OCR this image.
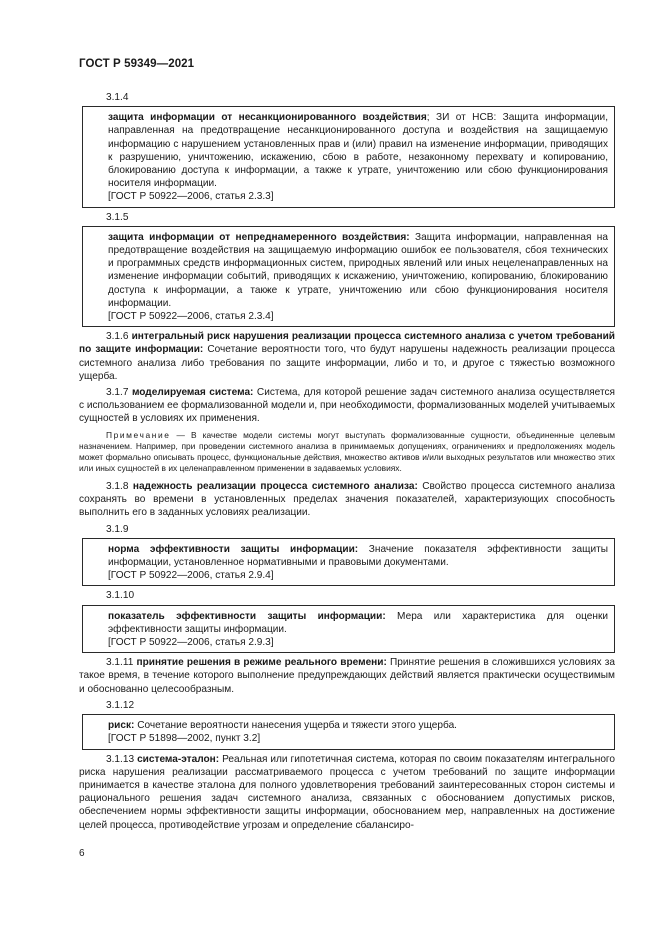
ГОСТ Р 59349—2021

3.1.4

защита информации от несанкционированного воздействия; ЗИ от НСВ: Защита информации, направленная на предотвращение несанкционированного доступа и воздействия на защищаемую информацию с нарушением установленных прав и (или) правил на изменение информации, приводящих к разрушению, уничтожению, искажению, сбою в работе, незаконному перехвату и копированию, блокированию доступа к информации, а также к утрате, уничтожению или сбою функционирования носителя информации.

[ГОСТ Р 50922—2006, статья 2.3.3]

3.1.5

защита информации от непреднамеренного воздействия: Защита информации, направленная на предотвращение воздействия на защищаемую информацию ошибок ее пользователя, сбоя технических и программных средств информационных систем, природных явлений или иных нецеленаправленных на изменение информации событий, приводящих к искажению, уничтожению, копированию, блокированию доступа к информации, а также к утрате, уничтожению или сбою функционирования носителя информации.

[ГОСТ Р 50922—2006, статья 2.3.4]

3.1.6 интегральный риск нарушения реализации процесса системного анализа с учетом требований по защите информации: Сочетание вероятности того, что будут нарушены надежность реализации процесса системного анализа либо требования по защите информации, либо и то, и другое с тяжестью возможного ущерба.

3.1.7 моделируемая система: Система, для которой решение задач системного анализа осуществляется с использованием ее формализованной модели и, при необходимости, формализованных моделей учитываемых сущностей в условиях их применения.

Примечание — В качестве модели системы могут выступать формализованные сущности, объединенные целевым назначением. Например, при проведении системного анализа в принимаемых допущениях, ограничениях и предположениях модель может формально описывать процесс, функциональные действия, множество активов и/или выходных результатов или множество этих или иных сущностей в их целенаправленном применении в задаваемых условиях.

3.1.8 надежность реализации процесса системного анализа: Свойство процесса системного анализа сохранять во времени в установленных пределах значения показателей, характеризующих способность выполнить его в заданных условиях реализации.

3.1.9

норма эффективности защиты информации: Значение показателя эффективности защиты информации, установленное нормативными и правовыми документами.

[ГОСТ Р 50922—2006, статья 2.9.4]

3.1.10

показатель эффективности защиты информации: Мера или характеристика для оценки эффективности защиты информации.

[ГОСТ Р 50922—2006, статья 2.9.3]

3.1.11 принятие решения в режиме реального времени: Принятие решения в сложившихся условиях за такое время, в течение которого выполнение предупреждающих действий является практически осуществимым и обоснованно целесообразным.

3.1.12

риск: Сочетание вероятности нанесения ущерба и тяжести этого ущерба.

[ГОСТ Р 51898—2002, пункт 3.2]

3.1.13 система-эталон: Реальная или гипотетичная система, которая по своим показателям интегрального риска нарушения реализации рассматриваемого процесса с учетом требований по защите информации принимается в качестве эталона для полного удовлетворения требований заинтересованных сторон системы и рационального решения задач системного анализа, связанных с обоснованием допустимых рисков, обеспечением нормы эффективности защиты информации, обоснованием мер, направленных на достижение целей процесса, противодействие угрозам и определение сбалансиро-

6
